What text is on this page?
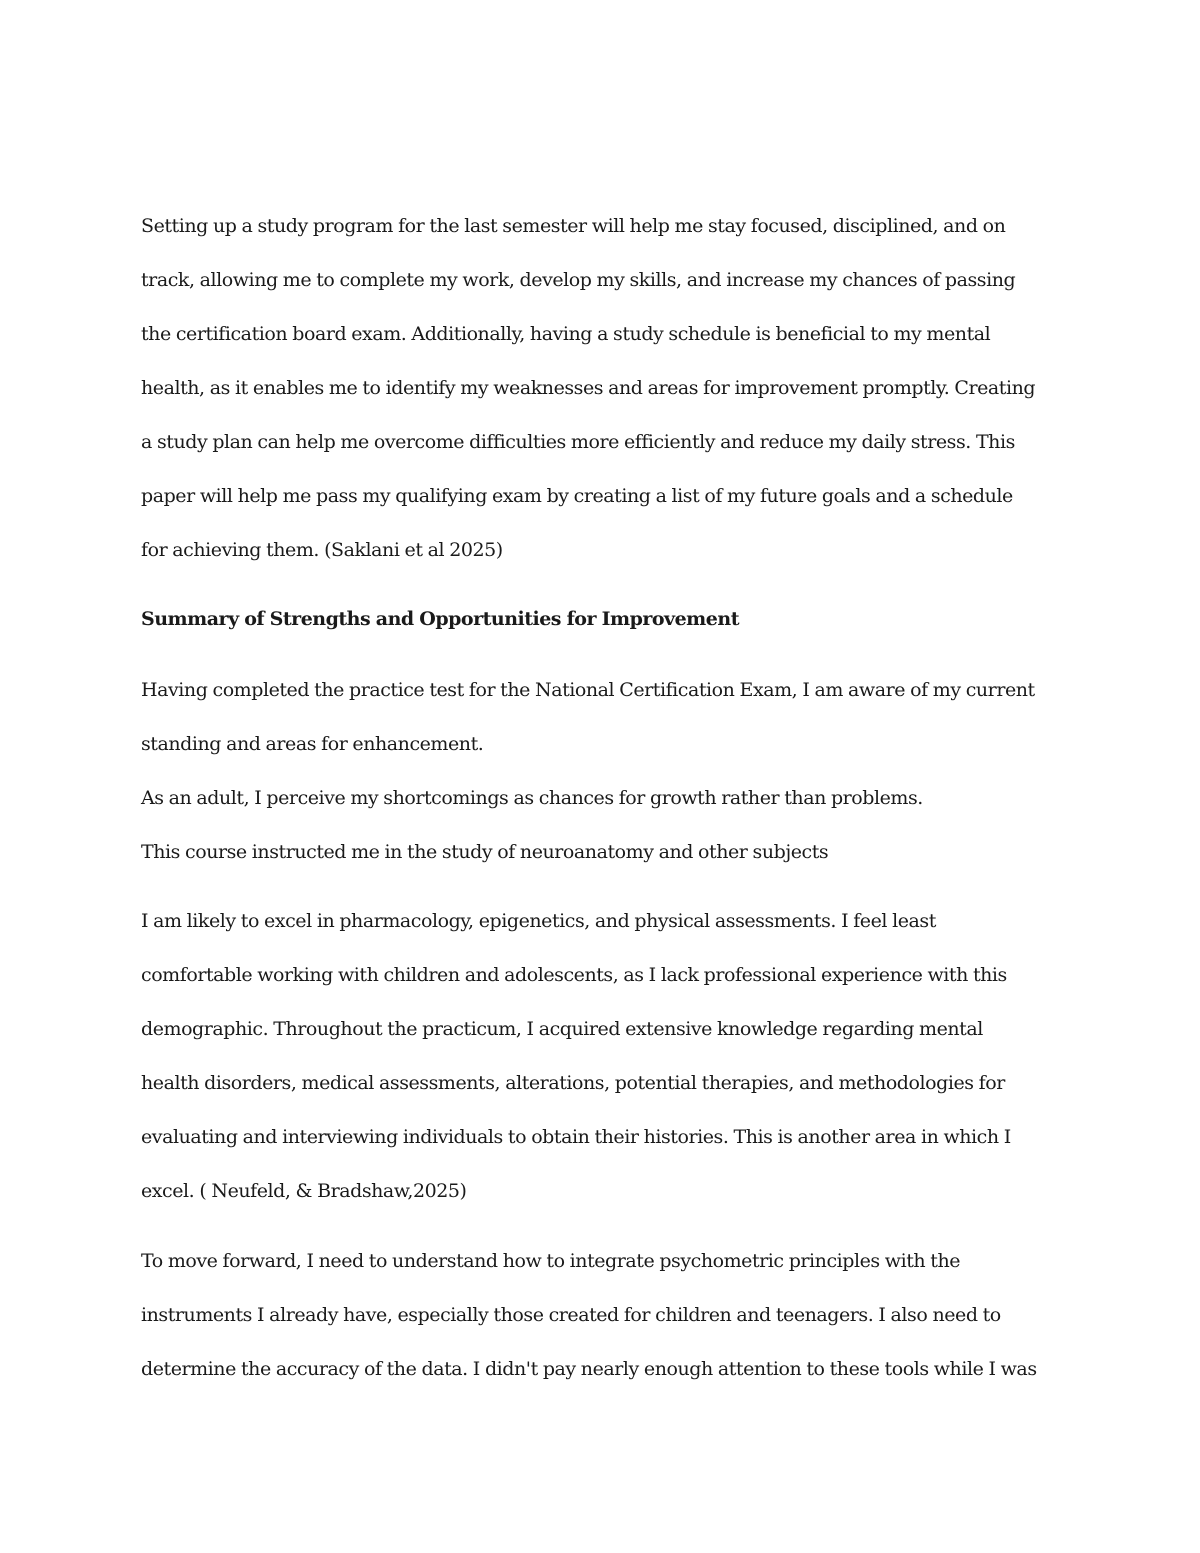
Setting up a study program for the last semester will help me stay focused, disciplined, and on
track, allowing me to complete my work, develop my skills, and increase my chances of passing
the certification board exam. Additionally, having a study schedule is beneficial to my mental
health, as it enables me to identify my weaknesses and areas for improvement promptly. Creating
a study plan can help me overcome difficulties more efficiently and reduce my daily stress. This
paper will help me pass my qualifying exam by creating a list of my future goals and a schedule
for achieving them. (Saklani et al 2025)
Summary of Strengths and Opportunities for Improvement
Having completed the practice test for the National Certification Exam, I am aware of my current
standing and areas for enhancement.
As an adult, I perceive my shortcomings as chances for growth rather than problems.
This course instructed me in the study of neuroanatomy and other subjects
I am likely to excel in pharmacology, epigenetics, and physical assessments. I feel least
comfortable working with children and adolescents, as I lack professional experience with this
demographic. Throughout the practicum, I acquired extensive knowledge regarding mental
health disorders, medical assessments, alterations, potential therapies, and methodologies for
evaluating and interviewing individuals to obtain their histories. This is another area in which I
excel. ( Neufeld, & Bradshaw,2025)
To move forward, I need to understand how to integrate psychometric principles with the
instruments I already have, especially those created for children and teenagers. I also need to
determine the accuracy of the data. I didn't pay nearly enough attention to these tools while I was
